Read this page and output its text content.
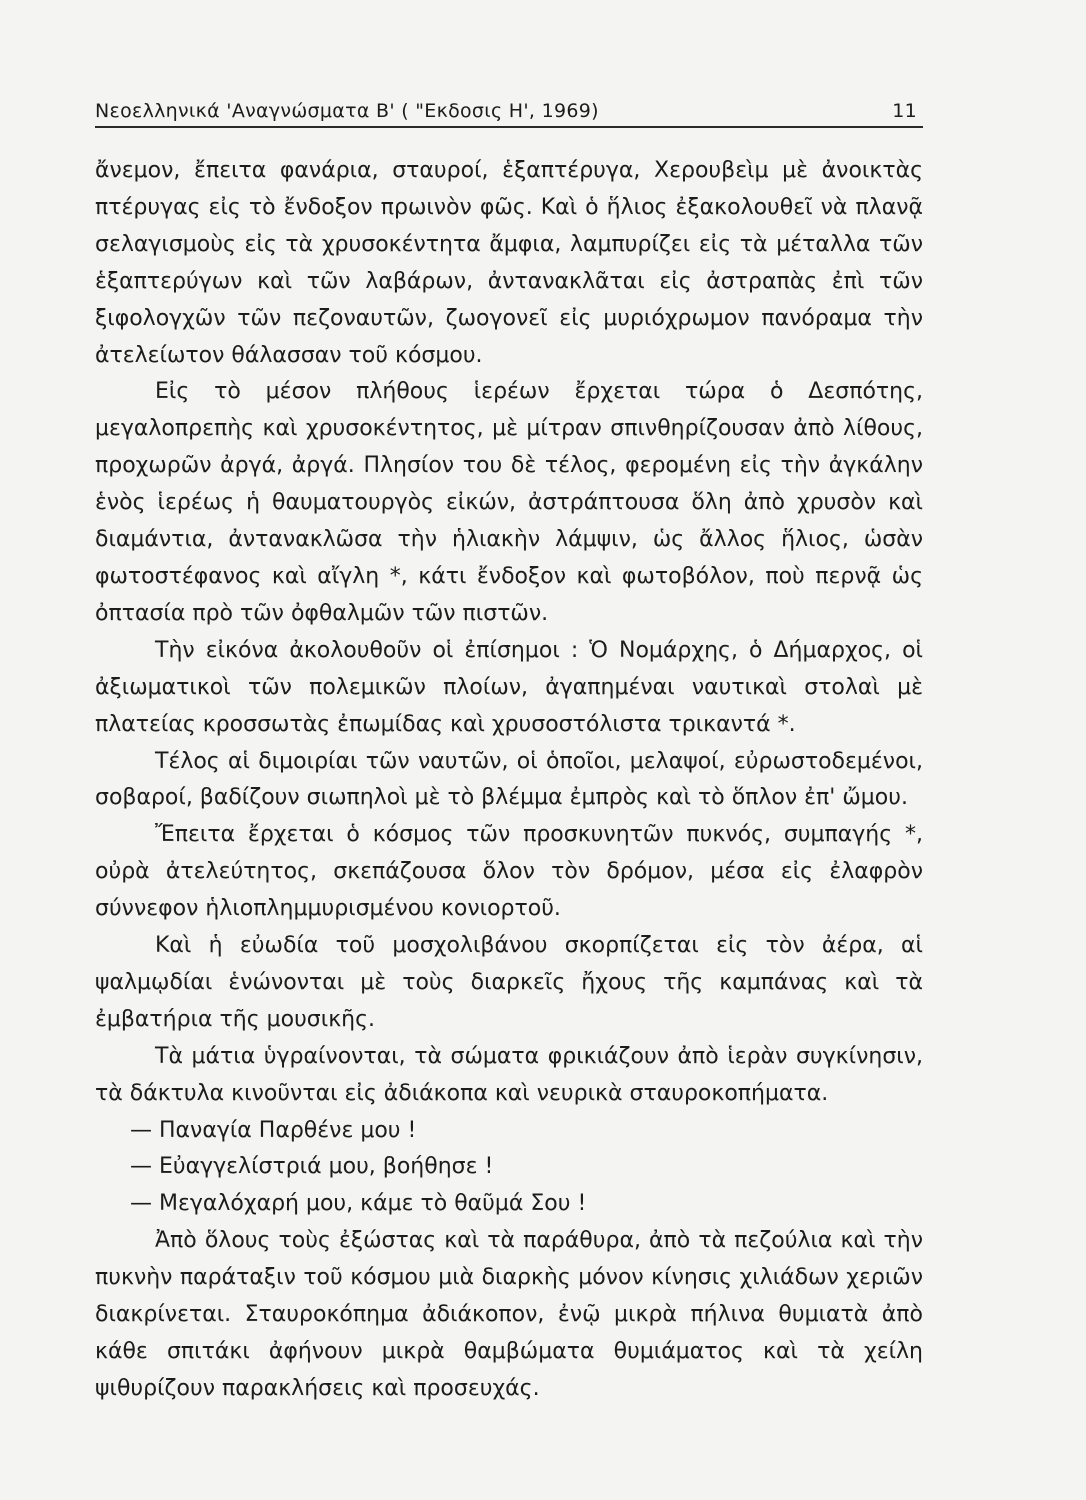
Νεοελληνικά 'Αναγνώσματα Β' ( "Εκδοσις Η', 1969)	11

ἄνεμον, ἔπειτα φανάρια, σταυροί, ἑξαπτέρυγα, Χερουβεὶμ μὲ ἀνοικτὰς πτέρυγας εἰς τὸ ἔνδοξον πρωινὸν φῶς. Καὶ ὁ ἥλιος ἐξακολουθεῖ νὰ πλανᾷ σελαγισμοὺς εἰς τὰ χρυσοκέντητα ἄμφια, λαμπυρίζει εἰς τὰ μέταλλα τῶν ἑξαπτερύγων καὶ τῶν λαβάρων, ἀντανακλᾶται εἰς ἀστραπὰς ἐπὶ τῶν ξιφολογχῶν τῶν πεζοναυτῶν, ζωογονεῖ εἰς μυριόχρωμον πανόραμα τὴν ἀτελείωτον θάλασσαν τοῦ κόσμου.

Εἰς τὸ μέσον πλήθους ἱερέων ἔρχεται τώρα ὁ Δεσπότης, μεγαλοπρεπὴς καὶ χρυσοκέντητος, μὲ μίτραν σπινθηρίζουσαν ἀπὸ λίθους, προχωρῶν ἀργά, ἀργά. Πλησίον του δὲ τέλος, φερομένη εἰς τὴν ἀγκάλην ἑνὸς ἱερέως ἡ θαυματουργὸς εἰκών, ἀστράπτουσα ὅλη ἀπὸ χρυσὸν καὶ διαμάντια, ἀντανακλῶσα τὴν ἡλιακὴν λάμψιν, ὡς ἄλλος ἥλιος, ὡσὰν φωτοστέφανος καὶ αἴγλη *, κάτι ἔνδοξον καὶ φωτοβόλον, ποὺ περνᾷ ὡς ὀπτασία πρὸ τῶν ὀφθαλμῶν τῶν πιστῶν.

Τὴν εἰκόνα ἀκολουθοῦν οἱ ἐπίσημοι : Ὁ Νομάρχης, ὁ Δήμαρχος, οἱ ἀξιωματικοὶ τῶν πολεμικῶν πλοίων, ἀγαπημέναι ναυτικαὶ στολαὶ μὲ πλατείας κροσσωτὰς ἐπωμίδας καὶ χρυσοστόλιστα τρικαντά *.

Τέλος αἱ διμοιρίαι τῶν ναυτῶν, οἱ ὁποῖοι, μελαψοί, εὐρωστοδεμένοι, σοβαροί, βαδίζουν σιωπηλοὶ μὲ τὸ βλέμμα ἐμπρὸς καὶ τὸ ὅπλον ἐπ' ὤμου.

Ἔπειτα ἔρχεται ὁ κόσμος τῶν προσκυνητῶν πυκνός, συμπαγής *, οὐρὰ ἀτελεύτητος, σκεπάζουσα ὅλον τὸν δρόμον, μέσα εἰς ἐλαφρὸν σύννεφον ἡλιοπλημμυρισμένου κονιορτοῦ.

Καὶ ἡ εὐωδία τοῦ μοσχολιβάνου σκορπίζεται εἰς τὸν ἀέρα, αἱ ψαλμῳδίαι ἑνώνονται μὲ τοὺς διαρκεῖς ἤχους τῆς καμπάνας καὶ τὰ ἐμβατήρια τῆς μουσικῆς.

Τὰ μάτια ὑγραίνονται, τὰ σώματα φρικιάζουν ἀπὸ ἱερὰν συγκίνησιν, τὰ δάκτυλα κινοῦνται εἰς ἀδιάκοπα καὶ νευρικὰ σταυροκοπήματα.

— Παναγία Παρθένε μου !

— Εὐαγγελίστριά μου, βοήθησε !

— Μεγαλόχαρή μου, κάμε τὸ θαῦμά Σου !

Ἀπὸ ὅλους τοὺς ἐξώστας καὶ τὰ παράθυρα, ἀπὸ τὰ πεζούλια καὶ τὴν πυκνὴν παράταξιν τοῦ κόσμου μιὰ διαρκὴς μόνον κίνησις χιλιάδων χεριῶν διακρίνεται. Σταυροκόπημα ἀδιάκοπον, ἐνῷ μικρὰ πήλινα θυμιατὰ ἀπὸ κάθε σπιτάκι ἀφήνουν μικρὰ θαμβώματα θυμιάματος καὶ τὰ χείλη ψιθυρίζουν παρακλήσεις καὶ προσευχάς.
